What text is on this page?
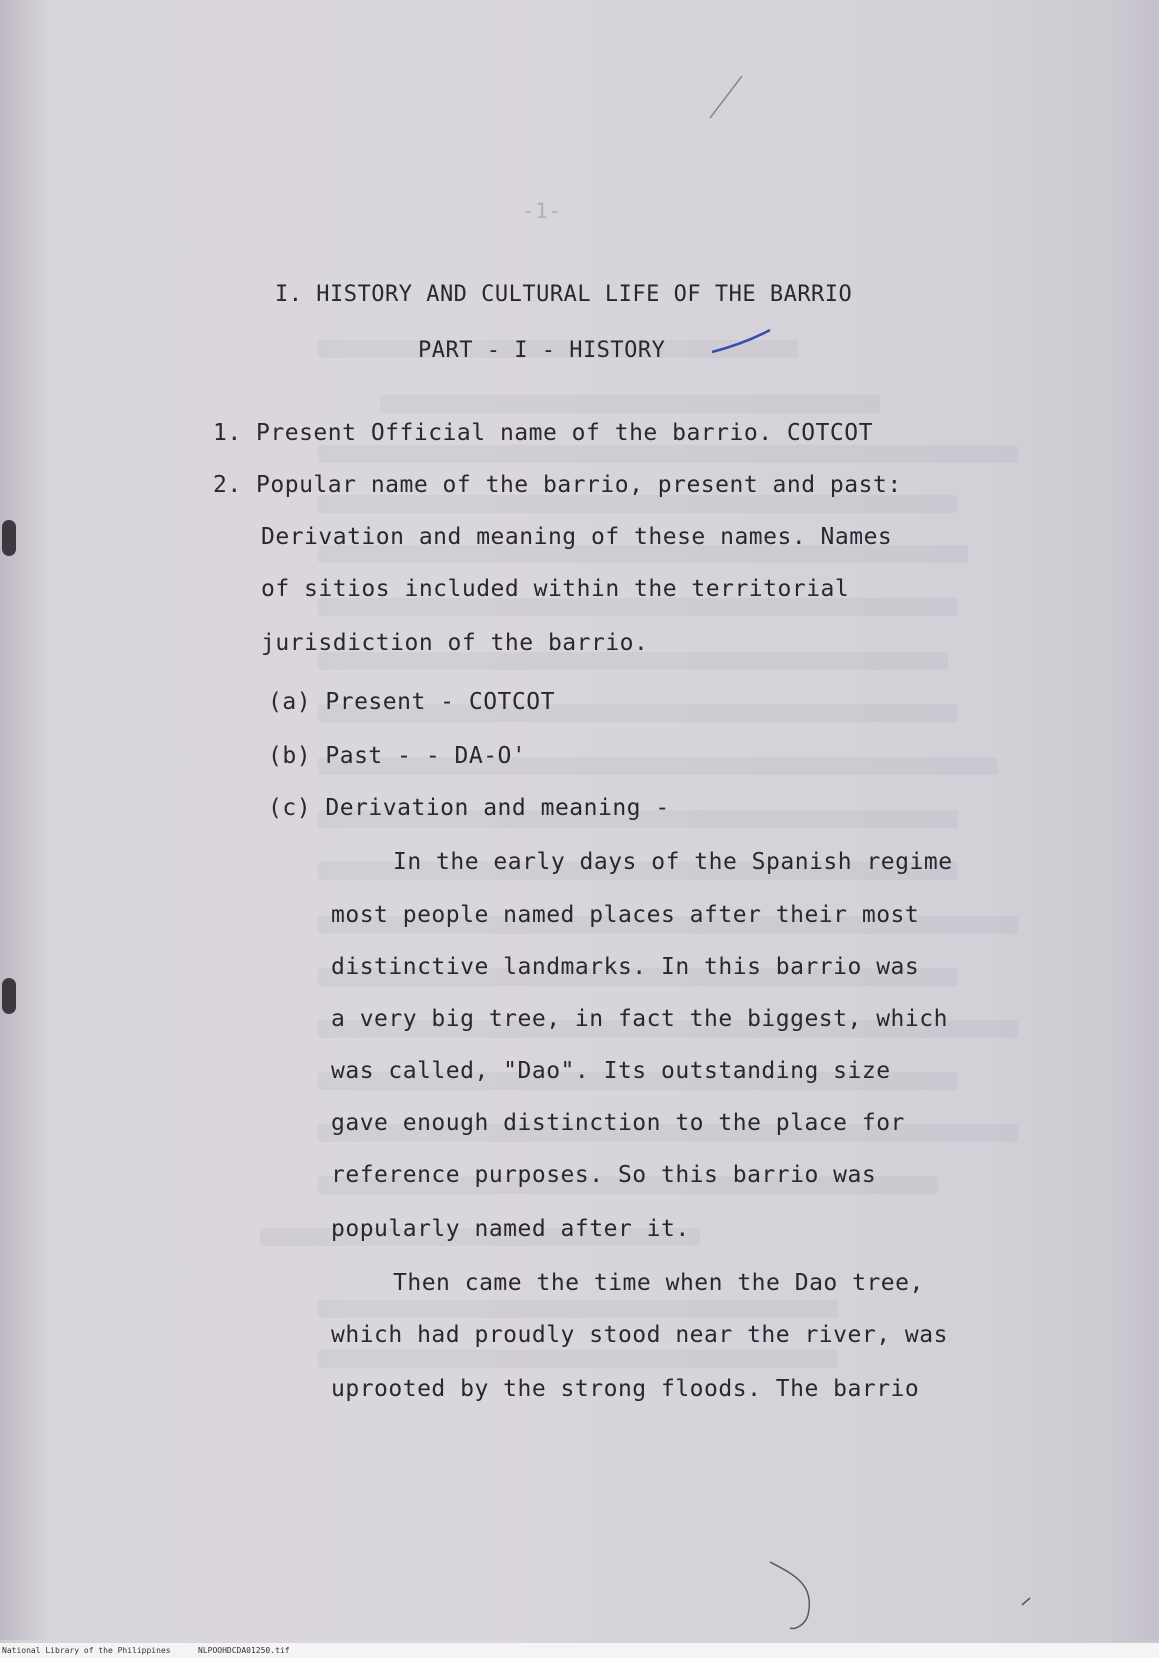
-1-
I. HISTORY AND CULTURAL LIFE OF THE BARRIO
PART - I - HISTORY
1. Present Official name of the barrio. COTCOT
2. Popular name of the barrio, present and past:
Derivation and meaning of these names. Names
of sitios included within the territorial
jurisdiction of the barrio.
(a) Present - COTCOT
(b) Past - - DA-O'
(c) Derivation and meaning -
In the early days of the Spanish regime
most people named places after their most
distinctive landmarks. In this barrio was
a very big tree, in fact the biggest, which
was called, "Dao". Its outstanding size
gave enough distinction to the place for
reference purposes. So this barrio was
popularly named after it.
Then came the time when the Dao tree,
which had proudly stood near the river, was
uprooted by the strong floods. The barrio
National Library of the Philippines	NLPOOHDCDA01250.tif
